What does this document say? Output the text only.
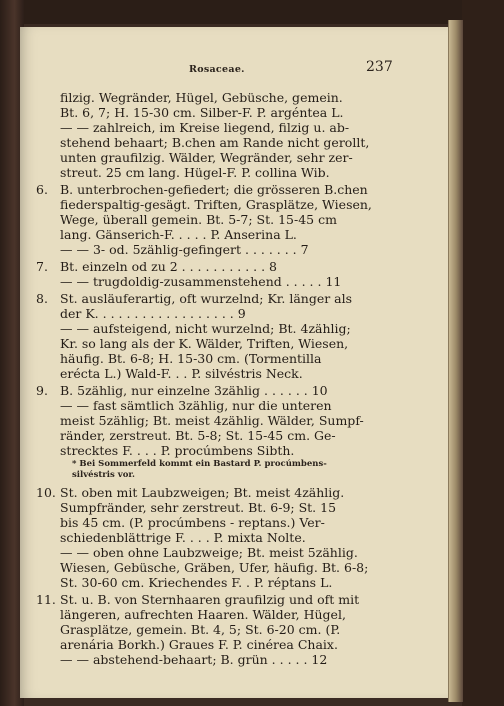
Rosaceae.	237
filzig. Wegränder, Hügel, Gebüsche, gemein.
Bt. 6, 7; H. 15-30 cm. Silber-F. P. argéntea L.
— — zahlreich, im Kreise liegend, filzig u. ab-
stehend behaart; B.chen am Rande nicht gerollt,
unten graufilzig. Wälder, Wegränder, sehr zer-
streut. 25 cm lang. Hügel-F. P. collina Wib.
6. B. unterbrochen-gefiedert; die grösseren B.chen
fiederspaltig-gesägt. Triften, Grasplätze, Wiesen,
Wege, überall gemein. Bt. 5-7; St. 15-45 cm
lang. Gänserich-F. . . . . P. Anserina L.
— — 3- od. 5zählig-gefingert . . . . . . . 7
7. Bt. einzeln od zu 2 . . . . . . . . . . . 8
— — trugdoldig-zusammenstehend . . . . . 11
8. St. ausläuferartig, oft wurzelnd; Kr. länger als
der K. . . . . . . . . . . . . . . . . . 9
— — aufsteigend, nicht wurzelnd; Bt. 4zählig;
Kr. so lang als der K. Wälder, Triften, Wiesen,
häufig. Bt. 6-8; H. 15-30 cm. (Tormentilla
erécta L.) Wald-F. . . P. silvéstris Neck.
9. B. 5zählig, nur einzelne 3zählig . . . . . . 10
— — fast sämtlich 3zählig, nur die unteren
meist 5zählig; Bt. meist 4zählig. Wälder, Sumpf-
ränder, zerstreut. Bt. 5-8; St. 15-45 cm. Ge-
strecktes F. . . . P. procúmbens Sibth.
* Bei Sommerfeld kommt ein Bastard P. procúmbens-
silvéstris vor.
10. St. oben mit Laubzweigen; Bt. meist 4zählig.
Sumpfränder, sehr zerstreut. Bt. 6-9; St. 15
bis 45 cm. (P. procúmbens - reptans.) Ver-
schiedenblättrige F. . . . P. mixta Nolte.
— — oben ohne Laubzweige; Bt. meist 5zählig.
Wiesen, Gebüsche, Gräben, Ufer, häufig. Bt. 6-8;
St. 30-60 cm. Kriechendes F. . P. réptans L.
11. St. u. B. von Sternhaaren graufilzig und oft mit
längeren, aufrechten Haaren. Wälder, Hügel,
Grasplätze, gemein. Bt. 4, 5; St. 6-20 cm. (P.
arenária Borkh.) Graues F. P. cinérea Chaix.
— — abstehend-behaart; B. grün . . . . . 12
